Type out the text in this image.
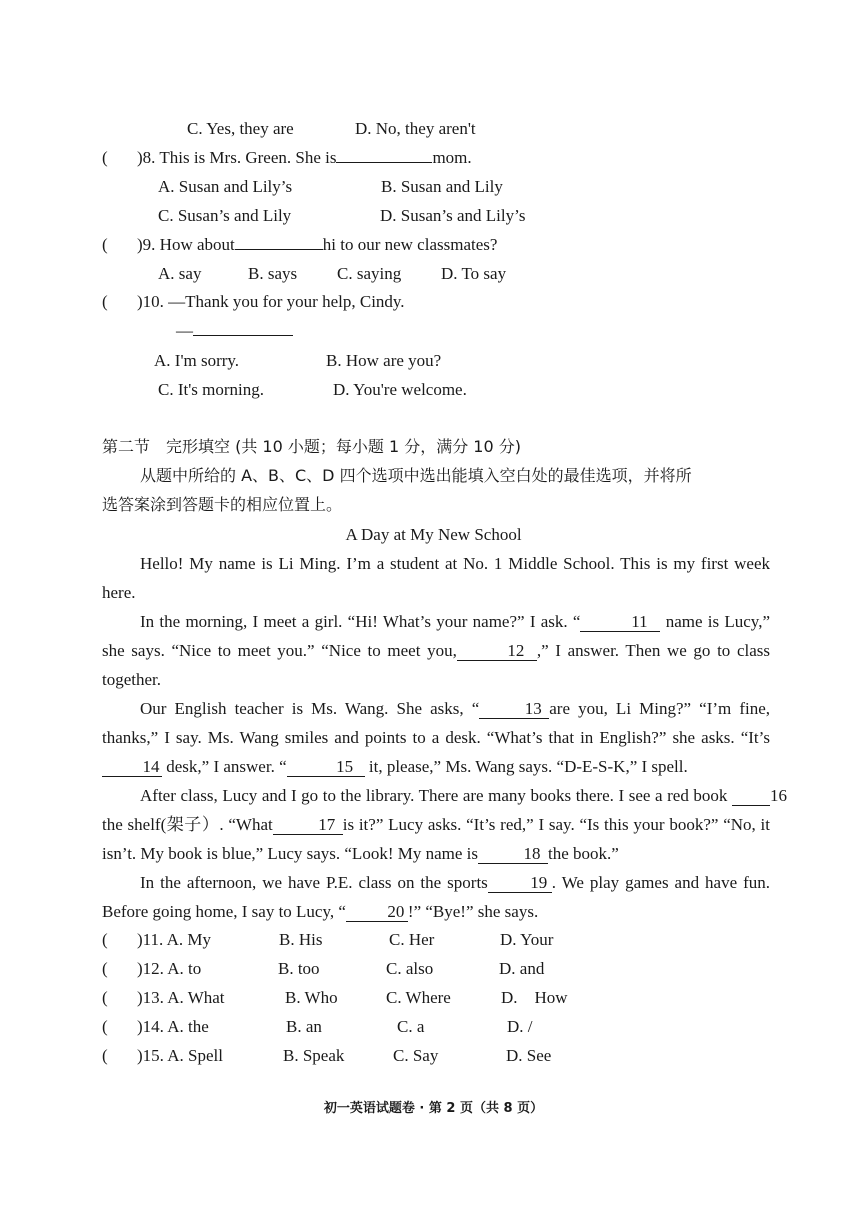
C. Yes, they are	D. No, they aren't
( )8. This is Mrs. Green. She is	mom.
A. Susan and Lily’s	B. Susan and Lily
C. Susan’s and Lily	D. Susan’s and Lily’s
( )9. How about	hi to our new classmates?
A. say	B. says C. saying D. To say
( )10. —Thank you for your help, Cindy.
—
A. I'm sorry.	B. How are you?
C. It's morning.	D. You're welcome.
第二节　完形填空 (共 10 小题；每小题 1 分，满分 10 分)
从题中所给的 A、B、C、D 四个选项中选出能填入空白处的最佳选项，并将所
选答案涂到答题卡的相应位置上。
A Day at My New School
Hello! My name is Li Ming. I’m a student at No. 1 Middle School. This is my first week here.
In the morning, I meet a girl. “Hi! What’s your name?” I ask. “	11 name is Lucy,” she says. “Nice to meet you.” “Nice to meet you,	12 ,” I answer. Then we go to class together.
Our English teacher is Ms. Wang. She asks, “	13 are you, Li Ming?” “I’m fine, thanks,” I say. Ms. Wang smiles and points to a desk. “What’s that in English?” she asks. “It’s14 desk,” I answer. “	15 it, please,” Ms. Wang says. “D-E-S-K,” I spell.
After class, Lucy and I go to the library. There are many books there. I see a red book 16the shelf(架子）. “What	17 is it?” Lucy asks. “It’s red,” I say. “Is this your book?” “No, it isn’t. My book is blue,” Lucy says. “Look! My name is	18 the book.”
In the afternoon, we have P.E. class on the sports	19 . We play games and have fun. Before going home, I say to Lucy, “ 20 !” “Bye!” she says.
( )11. A. My	B. His	C. Her	D. Your
( )12. A. to	B. too	C. also	D. and
( )13. A. What	B. Who	C. Where	D.　How
( )14. A. the	B. an	C. a	D. /
( )15. A. Spell	B. Speak	C. Say	D. See
初一英语试题卷 · 第 2 页（共 8 页）
